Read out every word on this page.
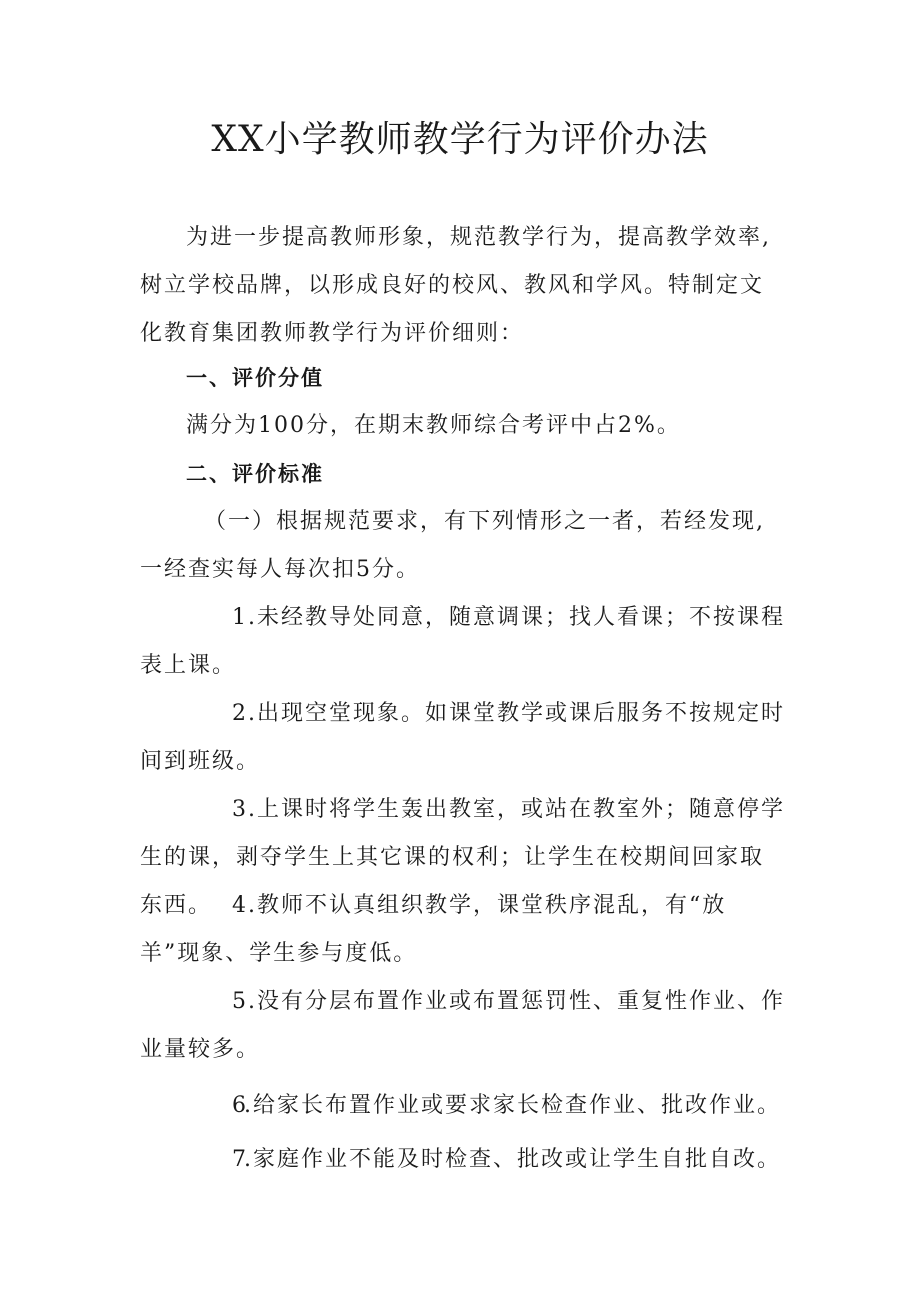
XX小学教师教学行为评价办法

为进一步提高教师形象，规范教学行为，提高教学效率,树立学校品牌，以形成良好的校风、教风和学风。特制定文化教育集团教师教学行为评价细则：

一、评价分值

满分为100分，在期末教师综合考评中占2%。

二、评价标准

（一）根据规范要求，有下列情形之一者，若经发现,一经查实每人每次扣5分。

1.未经教导处同意，随意调课；找人看课；不按课程表上课。

2.出现空堂现象。如课堂教学或课后服务不按规定时间到班级。

3.上课时将学生轰出教室，或站在教室外；随意停学生的课，剥夺学生上其它课的权利；让学生在校期间回家取东西。 4.教师不认真组织教学，课堂秩序混乱，有“放羊”现象、学生参与度低。

5.没有分层布置作业或布置惩罚性、重复性作业、作业量较多。

6.给家长布置作业或要求家长检查作业、批改作业。

7.家庭作业不能及时检查、批改或让学生自批自改。
